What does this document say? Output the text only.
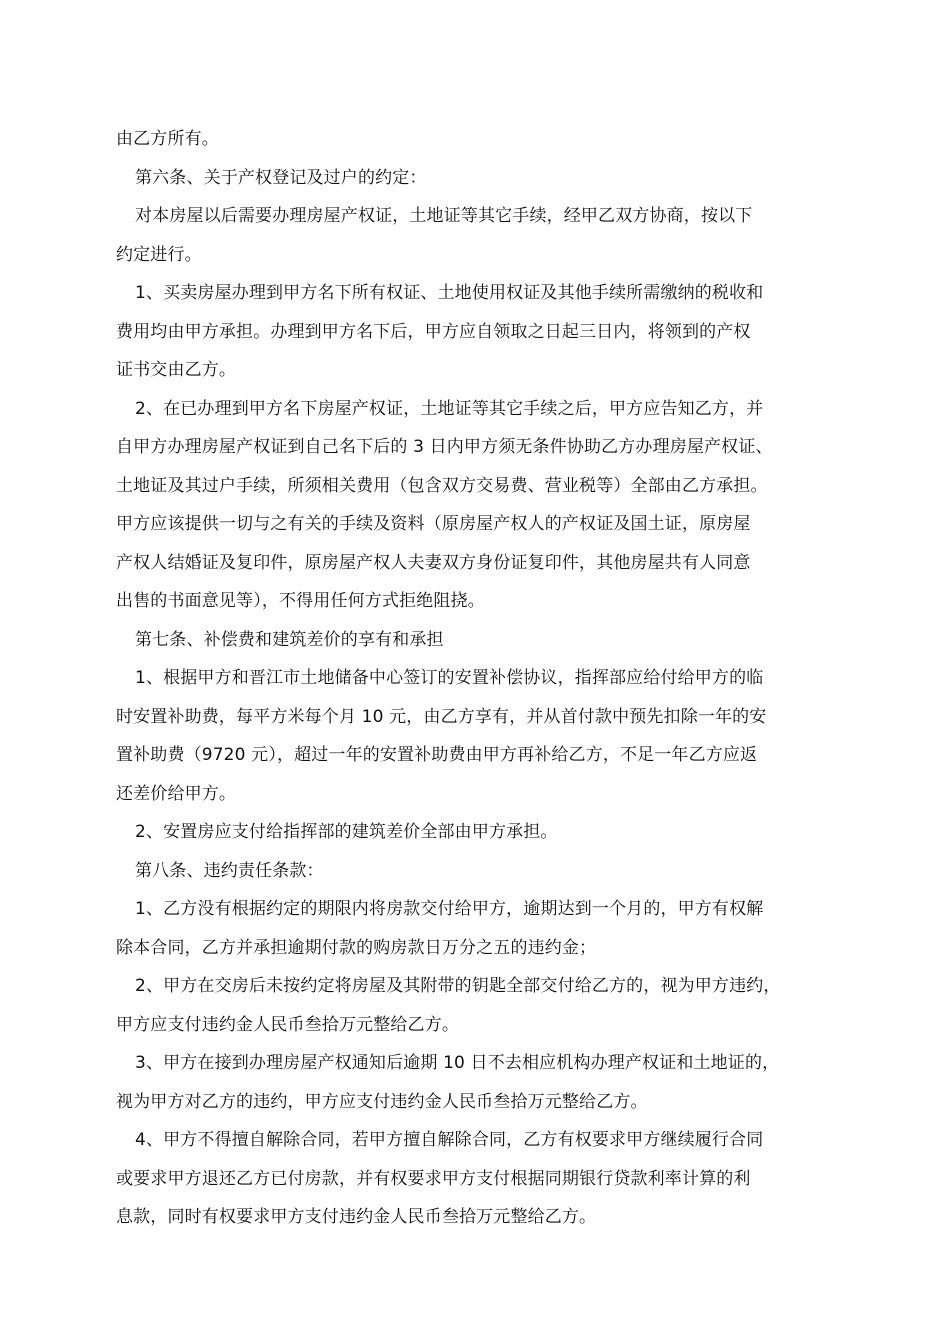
由乙方所有。
第六条、关于产权登记及过户的约定：
对本房屋以后需要办理房屋产权证，土地证等其它手续，经甲乙双方协商，按以下
约定进行。
1、买卖房屋办理到甲方名下所有权证、土地使用权证及其他手续所需缴纳的税收和
费用均由甲方承担。办理到甲方名下后，甲方应自领取之日起三日内，将领到的产权
证书交由乙方。
2、在已办理到甲方名下房屋产权证，土地证等其它手续之后，甲方应告知乙方，并
自甲方办理房屋产权证到自己名下后的 3 日内甲方须无条件协助乙方办理房屋产权证、
土地证及其过户手续，所须相关费用（包含双方交易费、营业税等）全部由乙方承担。
甲方应该提供一切与之有关的手续及资料（原房屋产权人的产权证及国土证，原房屋
产权人结婚证及复印件，原房屋产权人夫妻双方身份证复印件，其他房屋共有人同意
出售的书面意见等），不得用任何方式拒绝阻挠。
第七条、补偿费和建筑差价的享有和承担
1、根据甲方和晋江市土地储备中心签订的安置补偿协议，指挥部应给付给甲方的临
时安置补助费，每平方米每个月 10 元，由乙方享有，并从首付款中预先扣除一年的安
置补助费（9720 元），超过一年的安置补助费由甲方再补给乙方，不足一年乙方应返
还差价给甲方。
2、安置房应支付给指挥部的建筑差价全部由甲方承担。
第八条、违约责任条款：
1、乙方没有根据约定的期限内将房款交付给甲方，逾期达到一个月的，甲方有权解
除本合同，乙方并承担逾期付款的购房款日万分之五的违约金；
2、甲方在交房后未按约定将房屋及其附带的钥匙全部交付给乙方的，视为甲方违约，
甲方应支付违约金人民币叁拾万元整给乙方。
3、甲方在接到办理房屋产权通知后逾期 10 日不去相应机构办理产权证和土地证的，
视为甲方对乙方的违约，甲方应支付违约金人民币叁拾万元整给乙方。
4、甲方不得擅自解除合同，若甲方擅自解除合同，乙方有权要求甲方继续履行合同
或要求甲方退还乙方已付房款，并有权要求甲方支付根据同期银行贷款利率计算的利
息款，同时有权要求甲方支付违约金人民币叁拾万元整给乙方。
